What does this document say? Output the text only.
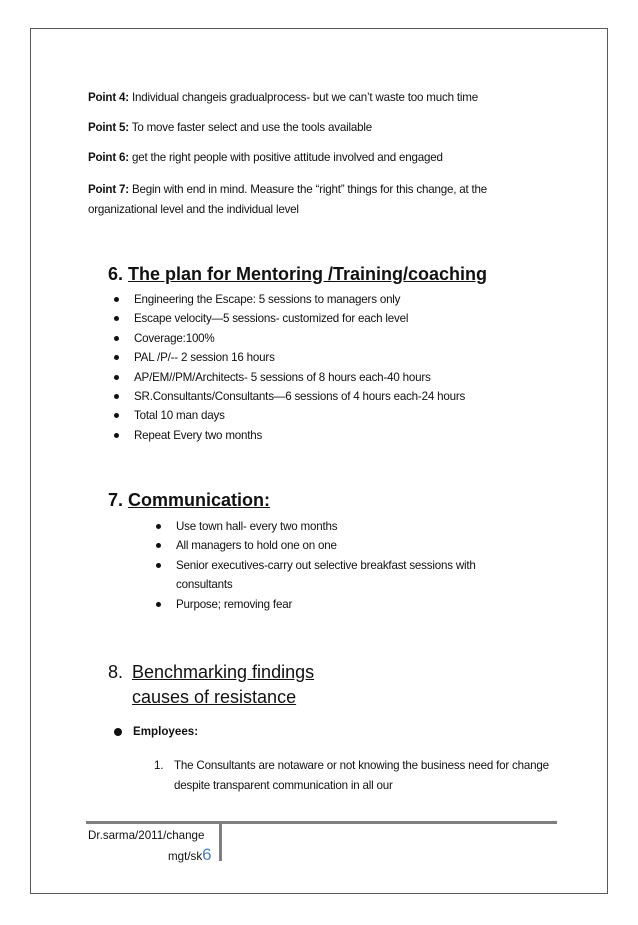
Point 4: Individual changeis gradualprocess- but we can’t waste too much time
Point 5: To move faster select and use the tools available
Point 6: get the right people with positive attitude involved and engaged
Point 7: Begin with end in mind. Measure the “right” things for this change, at the organizational level and the individual level
6. The plan for Mentoring /Training/coaching
Engineering the Escape: 5 sessions to managers only
Escape velocity—5 sessions- customized for each level
Coverage:100%
PAL /P/-- 2 session 16 hours
AP/EM//PM/Architects- 5 sessions of 8 hours each-40 hours
SR.Consultants/Consultants—6 sessions of 4 hours each-24 hours
Total 10 man days
Repeat Every two months
7. Communication:
Use town hall- every two months
All managers to hold one on one
Senior executives-carry out selective breakfast sessions with consultants
Purpose; removing fear
8. Benchmarking findings
causes of resistance
Employees:
1. The Consultants are notaware or not knowing the business need for change despite transparent communication in all our
Dr.sarma/2011/change
mgt/sk6
